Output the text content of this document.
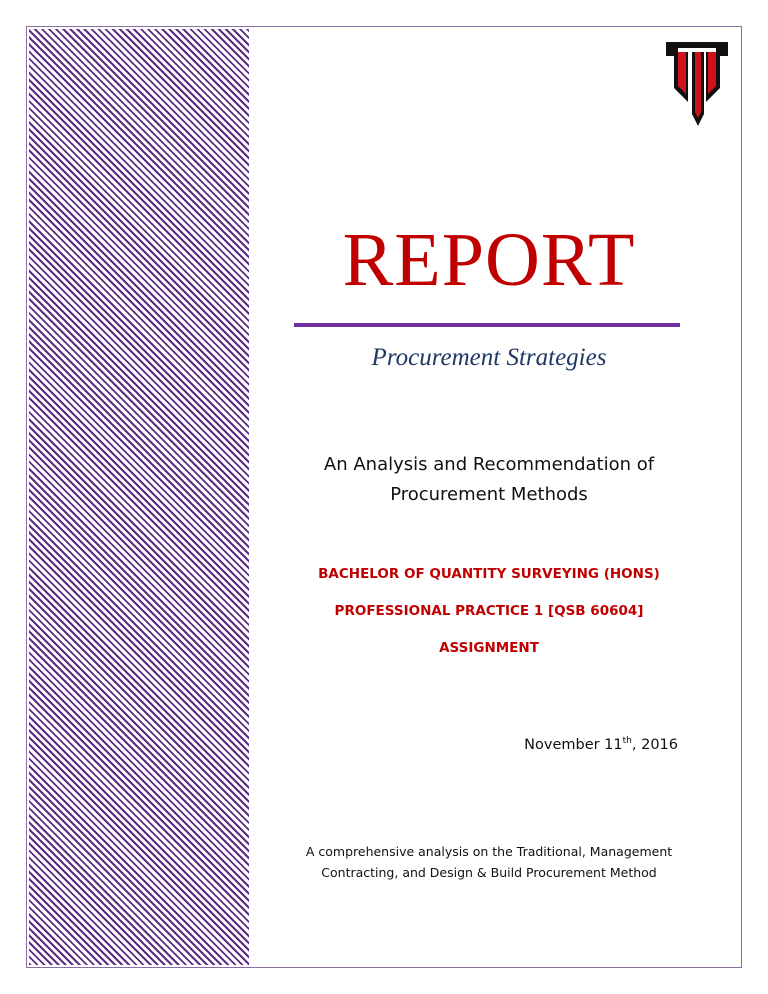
REPORT
Procurement Strategies
An Analysis and Recommendation of
Procurement Methods
BACHELOR OF QUANTITY SURVEYING (HONS)
PROFESSIONAL PRACTICE 1 [QSB 60604]
ASSIGNMENT
November 11th, 2016
A comprehensive analysis on the Traditional, Management
Contracting, and Design & Build Procurement Method
